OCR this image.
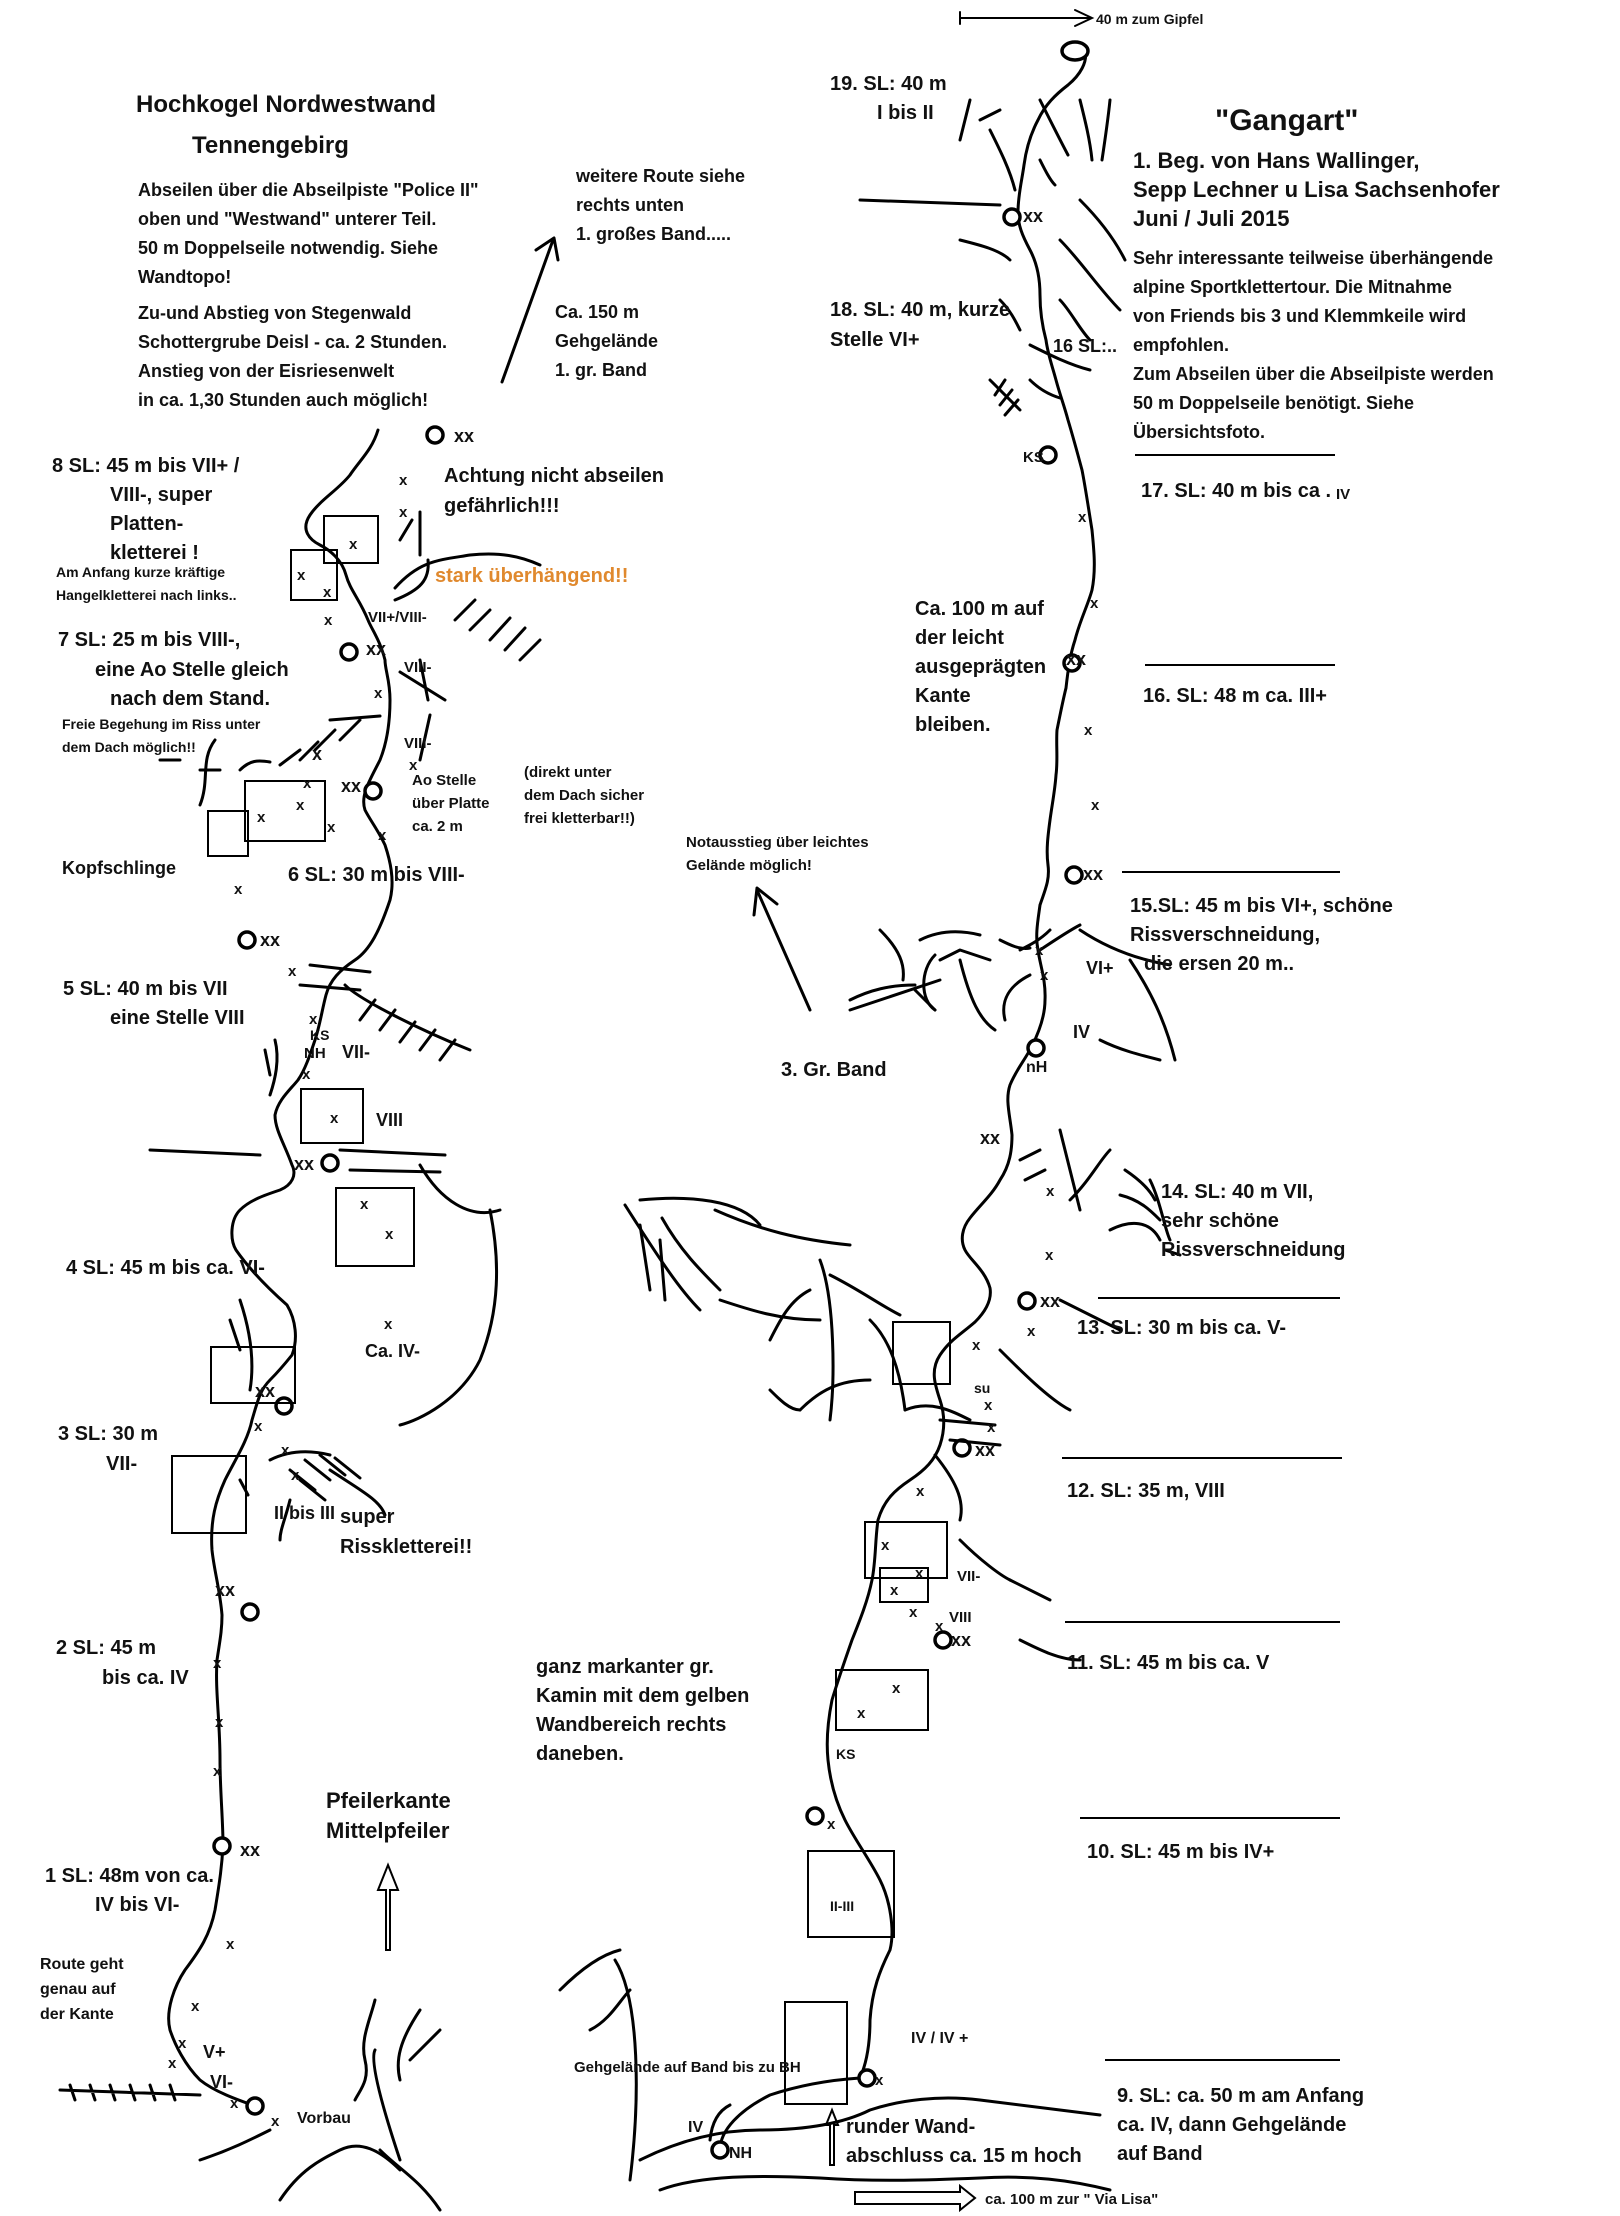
Hochkogel Nordwestwand
Tennengebirg
Abseilen über die Abseilpiste "Police II"
oben und "Westwand" unterer Teil.
50 m Doppelseile notwendig. Siehe
Wandtopo!
Zu-und Abstieg von Stegenwald
Schottergrube Deisl - ca. 2 Stunden.
Anstieg von der Eisriesenwelt
in ca. 1,30 Stunden auch möglich!
weitere Route siehe
rechts unten
1. großes Band.....
Ca. 150 m
Gehgelände
1. gr. Band
"Gangart"
1. Beg. von Hans Wallinger,
Sepp Lechner u Lisa Sachsenhofer
Juni / Juli 2015
Sehr interessante teilweise überhängende
alpine Sportklettertour. Die Mitnahme
von Friends bis 3 und Klemmkeile wird
empfohlen.
Zum Abseilen über die Abseilpiste werden
50 m Doppelseile benötigt. Siehe
Übersichtsfoto.
40 m zum Gipfel
x
x
VI-
V+
x
x
x
x
xx
x
x
x
xx
II bis III
x
x
x
xx
Ca. IV-
x
x
x
xx
VIII
x
VII-
NH
KS
x
x
x
xx
x
x
x
xx
VIII-
VIII-
x
xx
VII+/VIII-
x
x
x
x
x
x
xx
x
x
x
x
x
8 SL: 45 m bis VII+ /
VIII-, super
Platten-
kletterei !
Am Anfang kurze kräftige
Hangelkletterei nach links..
7 SL: 25 m bis VIII-,
eine Ao Stelle gleich
nach dem Stand.
Freie Begehung im Riss unter
dem Dach möglich!!
Kopfschlinge	6 SL: 30 m bis VIII-
5 SL: 40 m bis VII
eine Stelle VIII
4 SL: 45 m bis ca. VI-
3 SL: 30 m
VII-
2 SL: 45 m
bis ca. IV
1 SL: 48m von ca.
IV bis VI-
Route geht
genau auf
der Kante
Vorbau
Achtung nicht abseilen
gefährlich!!!
stark überhängend!!
Ao Stelle
über Platte
ca. 2 m
(direkt unter
dem Dach sicher
frei kletterbar!!)
Notausstieg über leichtes
Gelände möglich!
3. Gr. Band
ganz markanter gr.
Kamin mit dem gelben
Wandbereich rechts
daneben.
Pfeilerkante
Mittelpfeiler
super
Risskletterei!!
Gehgelände auf Band bis zu BH
runder Wand-
abschluss ca. 15 m hoch
ca. 100 m zur " Via Lisa"
19. SL: 40 m
I bis II
18. SL: 40 m, kurze
Stelle VI+
17. SL: 40 m bis ca . IV
16. SL: 48 m ca. III+
15.SL: 45 m bis VI+, schöne
Rissverschneidung,
die ersen 20 m..
14. SL: 40 m VII,
sehr schöne
Rissverschneidung
13. SL: 30 m bis ca. V-
12. SL: 35 m, VIII
11. SL: 45 m bis ca. V
10. SL: 45 m bis IV+
9. SL: ca. 50 m am Anfang
ca. IV, dann Gehgelände
auf Band
Ca. 100 m auf
der leicht
ausgeprägten
Kante
bleiben.
xx
16 SL:..
KS
x
x
xx
x
x
xx
x
x VI+
IV
nH
xx
x
x
xx
x
x
su
x
x
xx
x
x
x
x
VII-
VIII
x
x
xx
x
x
KS
x
II-III
IV / IV +
x
IV
NH
